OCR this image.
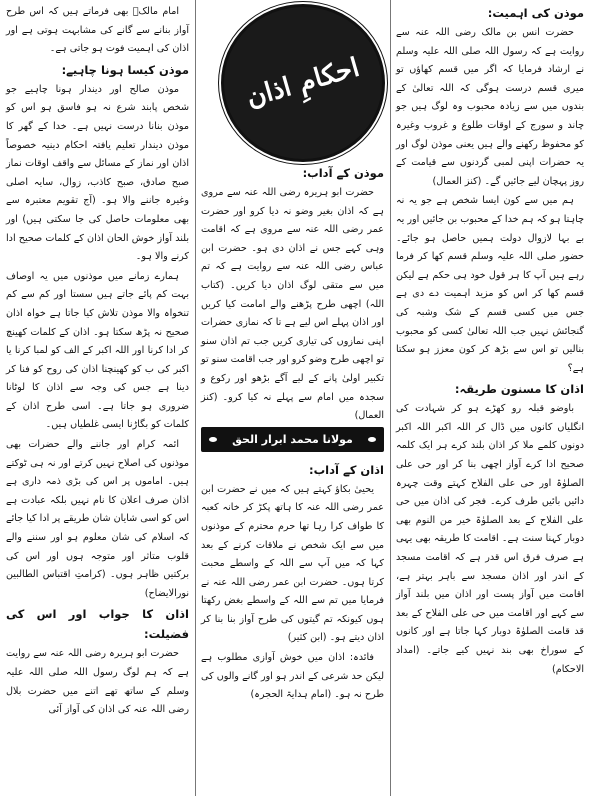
موذن کی اہمیت:

حضرت انس بن مالک رضی اللہ عنہ سے روایت ہے کہ رسول اللہ صلی اللہ علیہ وسلم نے ارشاد فرمایا کہ اگر میں قسم کھاؤں تو میری قسم درست ہوگی کہ اللہ تعالیٰ کے بندوں میں سے زیادہ محبوب وہ لوگ ہیں جو چاند و سورج کے اوقات طلوع و غروب وغیرہ کو محفوظ رکھنے والے ہیں یعنی موذن لوگ اور یہ حضرات اپنی لمبی گردنوں سے قیامت کے روز پہچان لیے جائیں گے۔ (کنز العمال)

ہم میں سے کون ایسا شخص ہے جو یہ نہ چاہتا ہو کہ ہم خدا کے محبوب بن جائیں اور یہ بے بہا لازوال دولت ہمیں حاصل ہو جائے۔ حضور صلی اللہ علیہ وسلم قسم کھا کر فرما رہے ہیں آپ کا ہر قول خود ہی حکم ہے لیکن قسم کھا کر اس کو مزید اہمیت دے دی ہے جس میں کسی قسم کے شک وشبہ کی گنجائش نہیں جب اللہ تعالیٰ کسی کو محبوب بنالیں تو اس سے بڑھ کر کون معزز ہو سکتا ہے؟

اذان کا مسنون طریقہ:

باوضو قبلہ رو کھڑے ہو کر شہادت کی انگلیاں کانوں میں ڈال کر اللہ اکبر اللہ اکبر دونوں کلمے ملا کر اذان بلند کرے ہر ایک کلمہ صحیح ادا کرے آواز اچھی بنا کر اور حی علی الصلوٰۃ اور حی علی الفلاح کہتے وقت چہرہ دائیں بائیں طرف کرے۔ فجر کی اذان میں حی علی الفلاح کے بعد الصلوٰۃ خیر من النوم بھی دوبار کہنا سنت ہے۔ اقامت کا طریقہ بھی یہی ہے صرف فرق اس قدر ہے کہ اقامت مسجد کے اندر اور اذان مسجد سے باہر بہتر ہے، اقامت میں آواز پست اور اذان میں بلند آواز سے کہے اور اقامت میں حی علی الفلاح کے بعد قد قامت الصلوٰۃ دوبار کہا جاتا ہے اور کانوں کے سوراخ بھی بند نہیں کیے جاتے۔ (امداد الاحکام)

موذن کے آداب:

حضرت ابو ہریرہ رضی اللہ عنہ سے مروی ہے کہ اذان بغیر وضو نہ دیا کرو اور حضرت عمر رضی اللہ عنہ سے مروی ہے کہ اقامت وہی کہے جس نے اذان دی ہو۔ حضرت ابن عباس رضی اللہ عنہ سے روایت ہے کہ تم میں سے متقی لوگ اذان دیا کریں۔ (کتاب اللہ) اچھی طرح پڑھنے والے امامت کیا کریں اور اذان پہلے اس لیے ہے تا کہ نمازی حضرات اپنی نمازوں کی تیاری کریں جب تم اذان سنو تو اچھی طرح وضو کرو اور جب اقامت سنو تو تکبیر اولیٰ پانے کے لیے آگے بڑھو اور رکوع و سجدہ میں امام سے پہلے نہ کیا کرو۔ (کنز العمال)

اذان کے آداب:

یحییٰ بکاؤ کہتے ہیں کہ میں نے حضرت ابن عمر رضی اللہ عنہ کا ہاتھ پکڑ کر خانہ کعبہ کا طواف کرا رہا تھا حرم محترم کے موذنوں میں سے ایک شخص نے ملاقات کرنے کے بعد کہا کہ میں آپ سے اللہ کے واسطے محبت کرتا ہوں۔ حضرت ابن عمر رضی اللہ عنہ نے فرمایا میں تم سے اللہ کے واسطے بغض رکھتا ہوں کیونکہ تم گیتوں کی طرح آواز بنا بنا کر اذان دیتے ہو۔ (ابن کثیر)

فائدہ: اذان میں خوش آوازی مطلوب ہے لیکن حد شرعی کے اندر ہو اور گانے والوں کی طرح نہ ہو۔ (امام ہدایۃ الحجرہ)

امام مالکؒ بھی فرماتے ہیں کہ اس طرح آواز بنانے سے گانے کی مشابہت ہوتی ہے اور اذان کی اہمیت فوت ہو جاتی ہے۔

موذن کیسا ہونا چاہیے:

موذن صالح اور دیندار ہونا چاہیے جو شخص پابند شرع نہ ہو فاسق ہو اس کو موذن بنانا درست نہیں ہے۔ خدا کے گھر کا موذن دیندار تعلیم یافتہ احکام دینیہ خصوصاً اذان اور نماز کے مسائل سے واقف اوقات نماز صبح صادق، صبح کاذب، زوال، سایہ اصلی وغیرہ جاننے والا ہو۔ (آج تقویم معتبرہ سے بھی معلومات حاصل کی جا سکتی ہیں) اور بلند آواز خوش الحان اذان کے کلمات صحیح ادا کرنے والا ہو۔

ہمارے زمانے میں موذنوں میں یہ اوصاف بہت کم پائے جاتے ہیں سستا اور کم سے کم تنخواہ والا موذن تلاش کیا جاتا ہے خواہ اذان صحیح نہ پڑھ سکتا ہو۔ اذان کے کلمات کھینچ کر ادا کرنا اور اللہ اکبر کے الف کو لمبا کرنا یا اکبر کی ب کو کھینچنا اذان کی روح کو فنا کر دینا ہے جس کی وجہ سے اذان کا لوٹانا ضروری ہو جاتا ہے۔ اسی طرح اذان کے کلمات کو بگاڑنا ایسی غلطیاں ہیں۔

ائمہ کرام اور جاننے والے حضرات بھی موذنوں کی اصلاح نہیں کرتے اور نہ ہی ٹوکتے ہیں۔ اماموں پر اس کی بڑی ذمہ داری ہے اذان صرف اعلان کا نام نہیں بلکہ عبادت ہے اس کو اسی شایان شان طریقے پر ادا کیا جائے کہ اسلام کی شان معلوم ہو اور سننے والے قلوب متاثر اور متوجہ ہوں اور اس کی برکتیں ظاہر ہوں۔ (کرامتِ اقتباس الطالبین نورالایضاح)

اذان کا جواب اور اس کی فضیلت:

حضرت ابو ہریرہ رضی اللہ عنہ سے روایت ہے کہ ہم لوگ رسول اللہ صلی اللہ علیہ وسلم کے ساتھ تھے اتنے میں حضرت بلال رضی اللہ عنہ کی اذان کی آواز آئی

احکامِ اذان
مولانا محمد ابرار الحق
